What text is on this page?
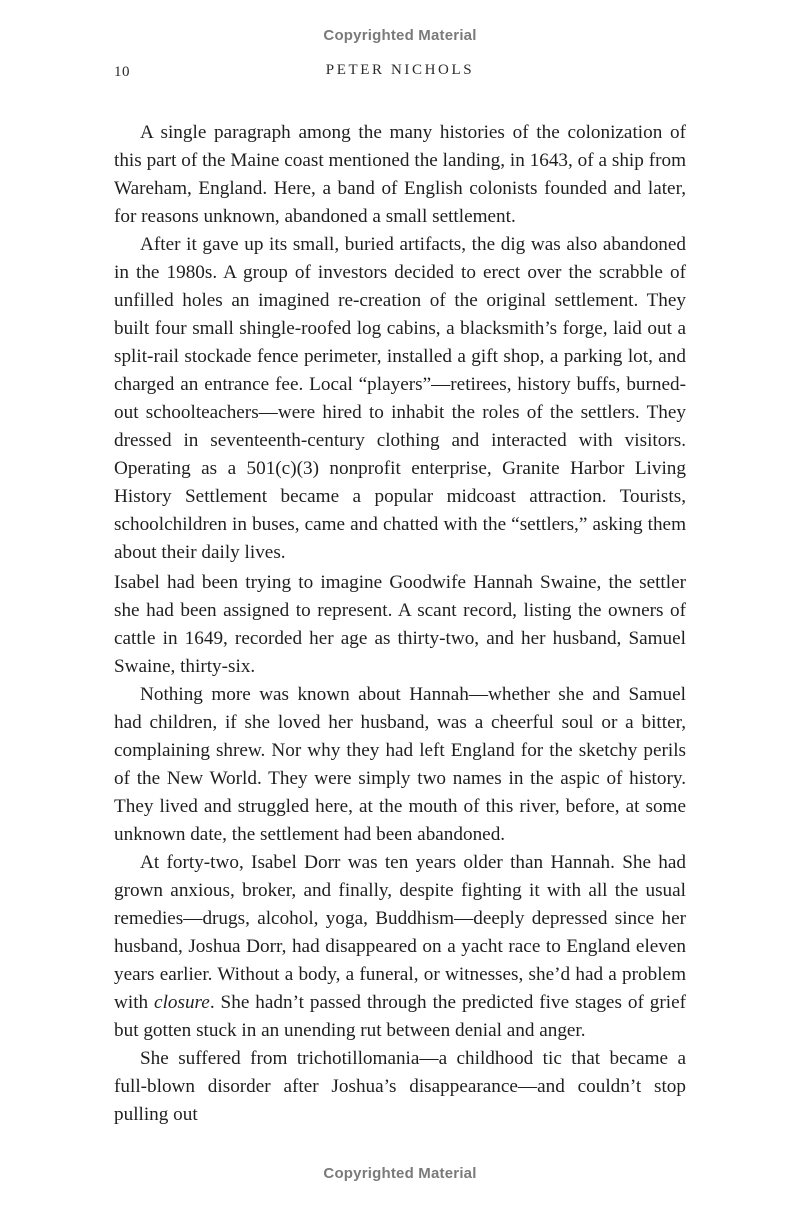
Copyrighted Material
10	PETER NICHOLS

A single paragraph among the many histories of the colonization of this part of the Maine coast mentioned the landing, in 1643, of a ship from Wareham, England. Here, a band of English colonists founded and later, for reasons unknown, abandoned a small settlement.

After it gave up its small, buried artifacts, the dig was also abandoned in the 1980s. A group of investors decided to erect over the scrabble of unfilled holes an imagined re-creation of the original settlement. They built four small shingle-roofed log cabins, a blacksmith’s forge, laid out a split-rail stockade fence perimeter, installed a gift shop, a parking lot, and charged an entrance fee. Local “players”—retirees, history buffs, burned-out schoolteachers—were hired to inhabit the roles of the settlers. They dressed in seventeenth-century clothing and interacted with visitors. Operating as a 501(c)(3) nonprofit enterprise, Granite Harbor Living History Settlement became a popular midcoast attraction. Tourists, schoolchildren in buses, came and chatted with the “settlers,” asking them about their daily lives.

Isabel had been trying to imagine Goodwife Hannah Swaine, the settler she had been assigned to represent. A scant record, listing the owners of cattle in 1649, recorded her age as thirty-two, and her husband, Samuel Swaine, thirty-six.

Nothing more was known about Hannah—whether she and Samuel had children, if she loved her husband, was a cheerful soul or a bitter, complaining shrew. Nor why they had left England for the sketchy perils of the New World. They were simply two names in the aspic of history. They lived and struggled here, at the mouth of this river, before, at some unknown date, the settlement had been abandoned.

At forty-two, Isabel Dorr was ten years older than Hannah. She had grown anxious, broker, and finally, despite fighting it with all the usual remedies—drugs, alcohol, yoga, Buddhism—deeply depressed since her husband, Joshua Dorr, had disappeared on a yacht race to England eleven years earlier. Without a body, a funeral, or witnesses, she’d had a problem with closure. She hadn’t passed through the predicted five stages of grief but gotten stuck in an unending rut between denial and anger.

She suffered from trichotillomania—a childhood tic that became a full-blown disorder after Joshua’s disappearance—and couldn’t stop pulling out

Copyrighted Material
